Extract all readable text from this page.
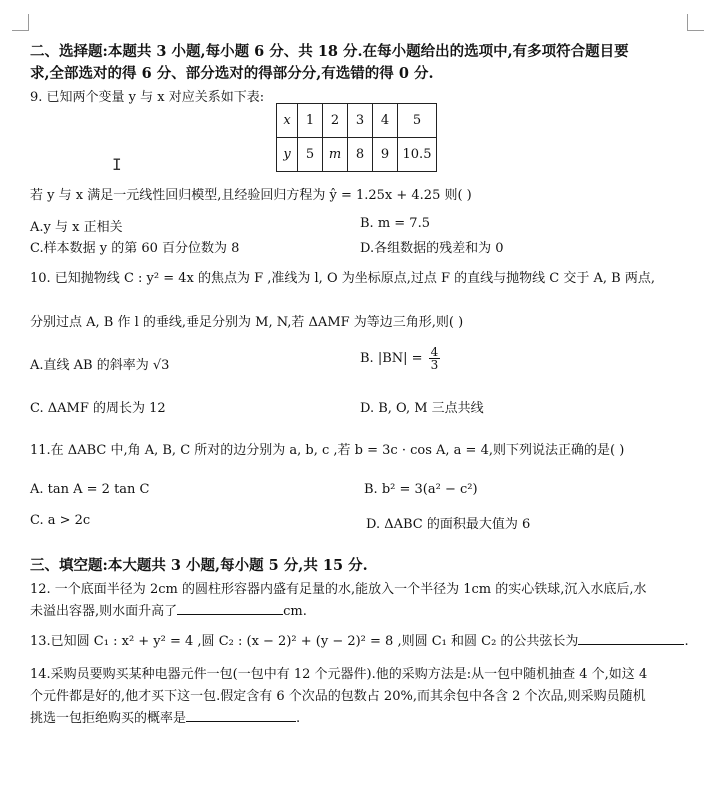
二、选择题:本题共 3 小题,每小题 6 分、共 18 分.在每小题给出的选项中,有多项符合题目要
求,全部选对的得 6 分、部分选对的得部分分,有选错的得 0 分.
9. 已知两个变量 y 与 x 对应关系如下表:
x	1	2	3	4	5
y	5	m	8	9	10.5
I
若 y 与 x 满足一元线性回归模型,且经验回归方程为 ŷ = 1.25x + 4.25 则( )
A.y 与 x 正相关	B. m = 7.5
C.样本数据 y 的第 60 百分位数为 8	D.各组数据的残差和为 0
10. 已知抛物线 C : y² = 4x 的焦点为 F ,准线为 l, O 为坐标原点,过点 F 的直线与抛物线 C 交于 A, B 两点,
分别过点 A, B 作 l 的垂线,垂足分别为 M, N,若 ΔAMF 为等边三角形,则( )
A.直线 AB 的斜率为 √3	B. $|BN| = \frac{4}{3}$
C. ΔAMF 的周长为 12	D. B, O, M 三点共线
11.在 ΔABC 中,角 A, B, C 所对的边分别为 a, b, c ,若 b = 3c · cos A, a = 4,则下列说法正确的是( )
A. tan A = 2 tan C	B. b² = 3(a² − c²)
C. a > 2c	D. ΔABC 的面积最大值为 6
三、填空题:本大题共 3 小题,每小题 5 分,共 15 分.
12. 一个底面半径为 2cm 的圆柱形容器内盛有足量的水,能放入一个半径为 1cm 的实心铁球,沉入水底后,水
未溢出容器,则水面升高了	cm.
13.已知圆 C₁ : x² + y² = 4 ,圆 C₂ : (x − 2)² + (y − 2)² = 8 ,则圆 C₁ 和圆 C₂ 的公共弦长为	.
14.采购员要购买某种电器元件一包(一包中有 12 个元器件).他的采购方法是:从一包中随机抽查 4 个,如这 4
个元件都是好的,他才买下这一包.假定含有 6 个次品的包数占 20%,而其余包中各含 2 个次品,则采购员随机
挑选一包拒绝购买的概率是	.
